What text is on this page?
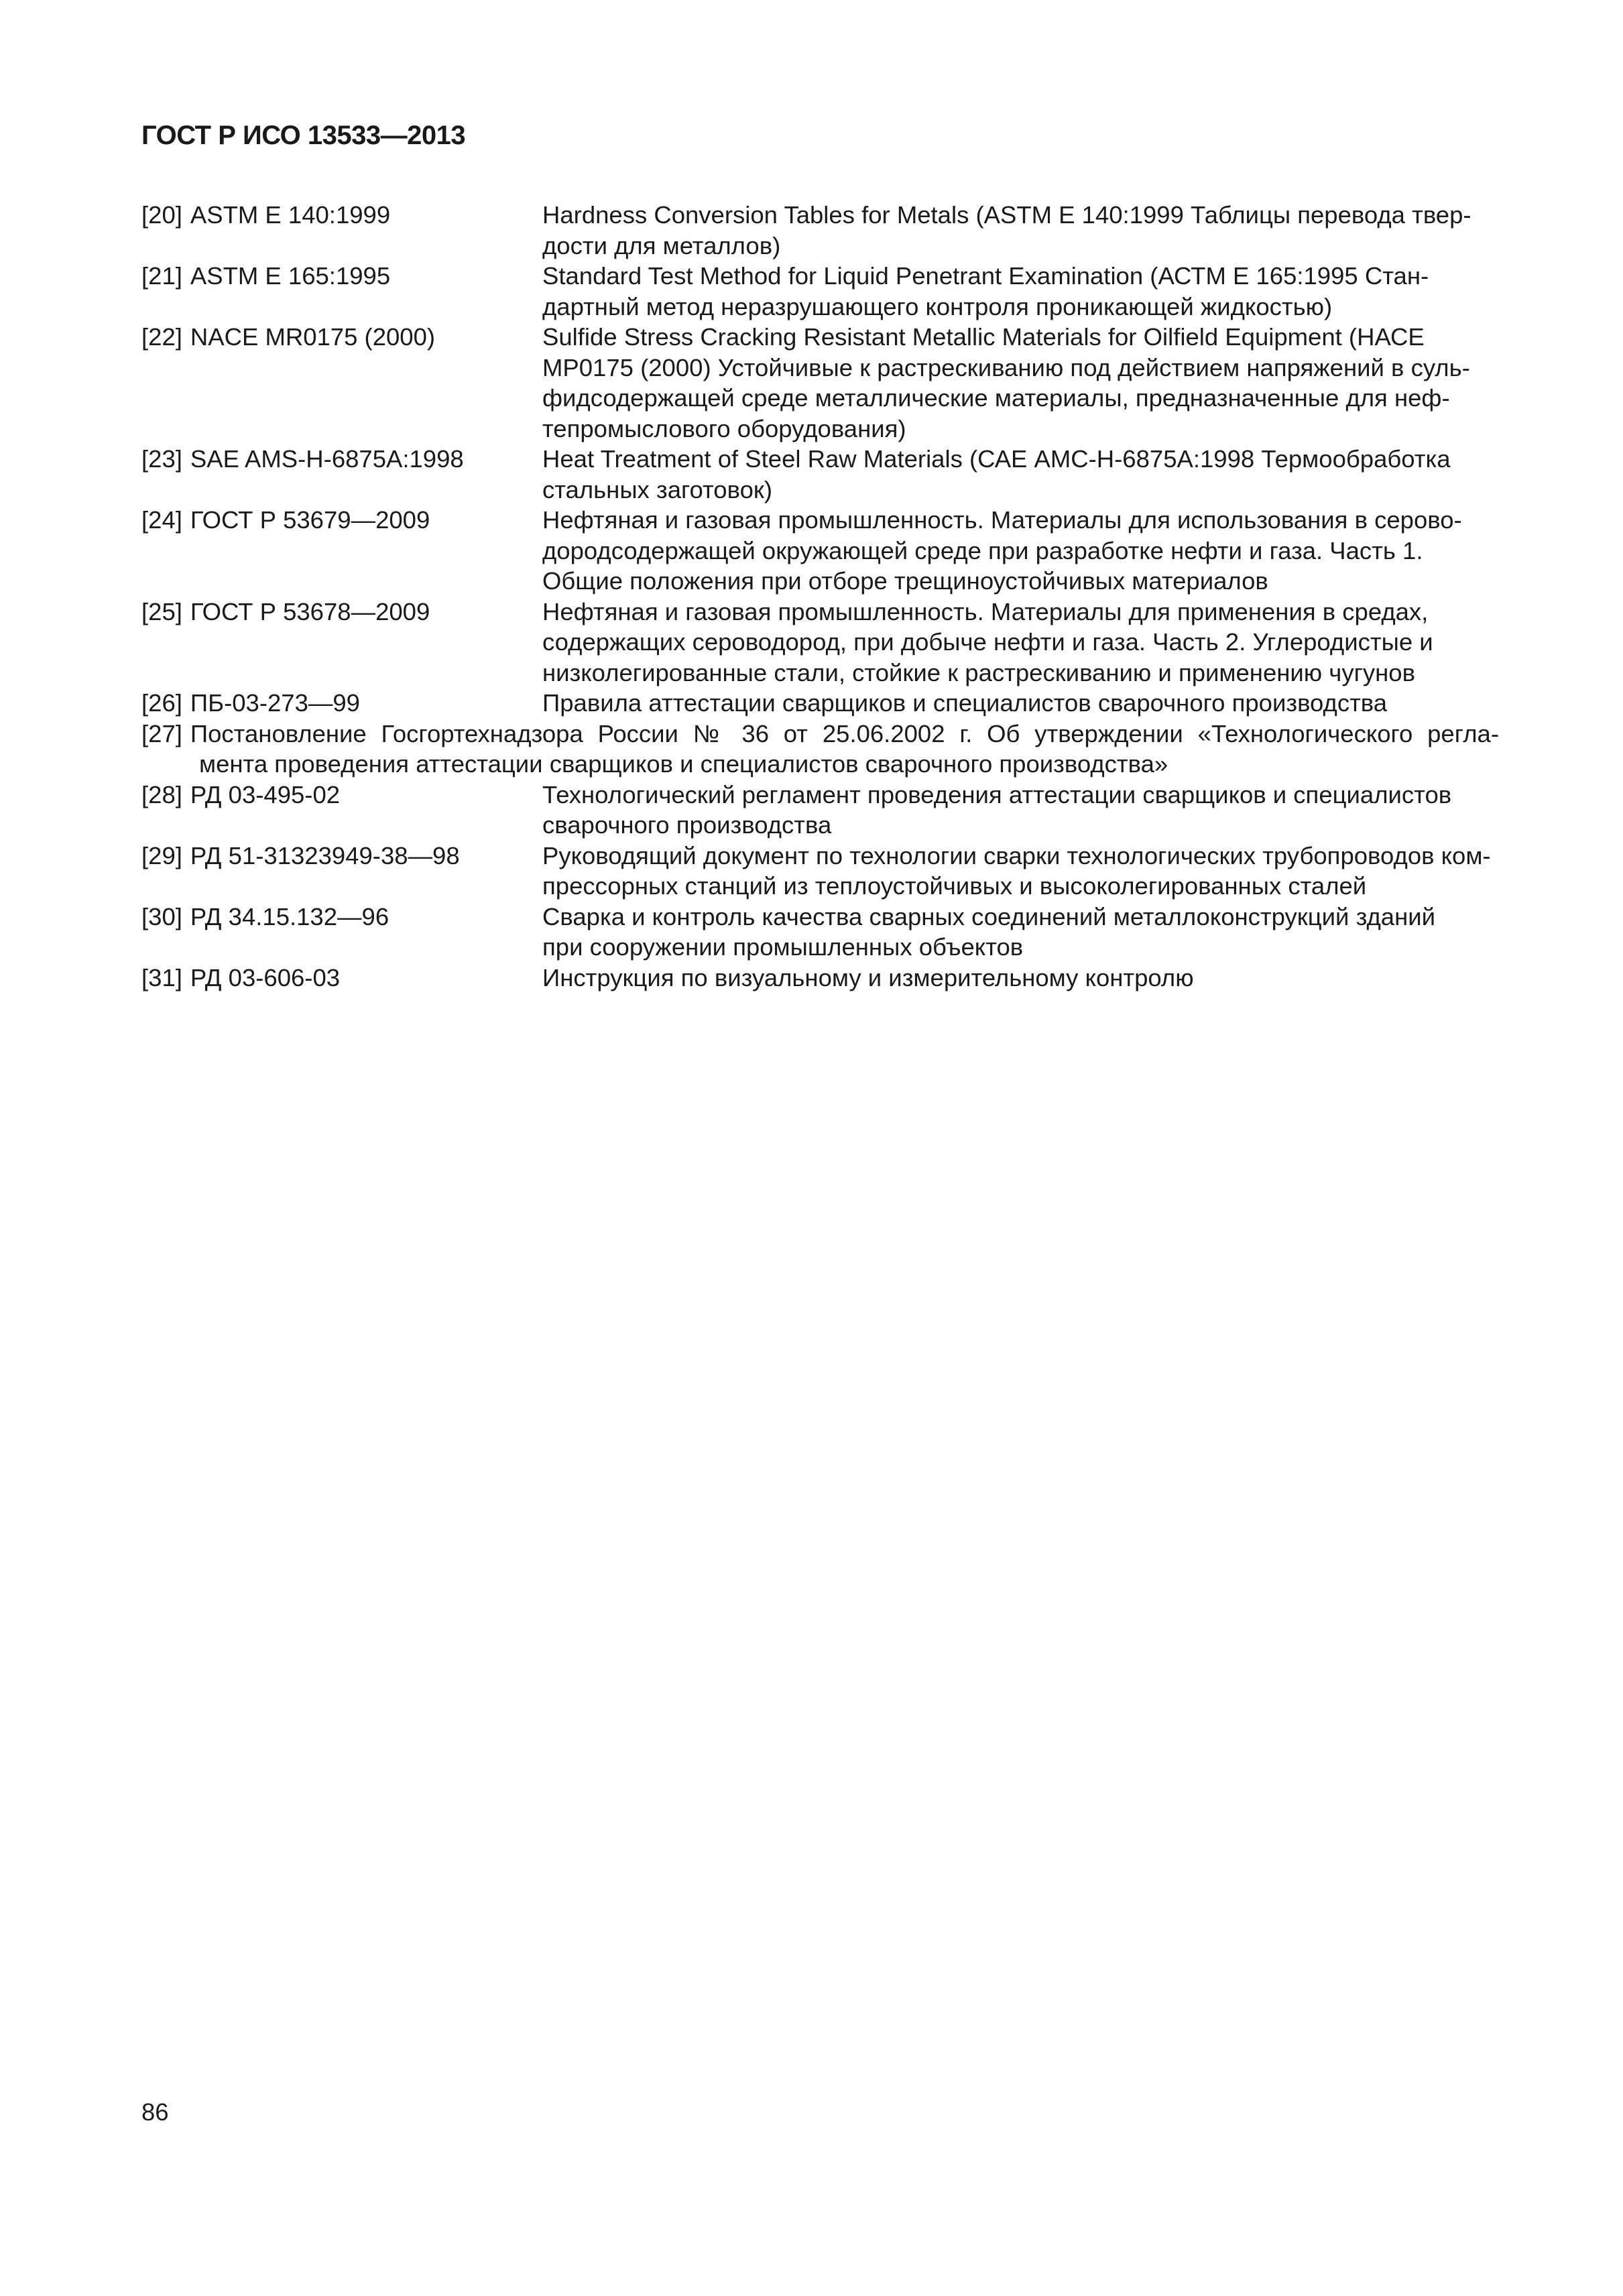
ГОСТ Р ИСО 13533—2013
[20] ASTM E 140:1999	Hardness Conversion Tables for Metals (ASTM E 140:1999 Таблицы перевода твер-
дости для металлов)
[21] ASTM E 165:1995	Standard Test Method for Liquid Penetrant Examination (АСТМ Е 165:1995 Стан-
дартный метод неразрушающего контроля проникающей жидкостью)
[22] NACE MR0175 (2000)	Sulfide Stress Cracking Resistant Metallic Materials for Oilfield Equipment (НАСЕ
МР0175 (2000) Устойчивые к растрескиванию под действием напряжений в суль-
фидсодержащей среде металлические материалы, предназначенные для неф-
тепромыслового оборудования)
[23] SAE AMS-H-6875A:1998	Heat Treatment of Steel Raw Materials (САЕ АМС-Н-6875А:1998 Термообработка
стальных заготовок)
[24] ГОСТ Р 53679—2009	Нефтяная и газовая промышленность. Материалы для использования в серово-
дородсодержащей окружающей среде при разработке нефти и газа. Часть 1.
Общие положения при отборе трещиноустойчивых материалов
[25] ГОСТ Р 53678—2009	Нефтяная и газовая промышленность. Материалы для применения в средах,
содержащих сероводород, при добыче нефти и газа. Часть 2. Углеродистые и
низколегированные стали, стойкие к растрескиванию и применению чугунов
[26] ПБ-03-273—99	Правила аттестации сварщиков и специалистов сварочного производства
[27] Постановление Госгортехнадзора России № 36 от 25.06.2002 г. Об утверждении «Технологического регла-
мента проведения аттестации сварщиков и специалистов сварочного производства»
[28] РД 03-495-02	Технологический регламент проведения аттестации сварщиков и специалистов
сварочного производства
[29] РД 51-31323949-38—98	Руководящий документ по технологии сварки технологических трубопроводов ком-
прессорных станций из теплоустойчивых и высоколегированных сталей
[30] РД 34.15.132—96	Сварка и контроль качества сварных соединений металлоконструкций зданий
при сооружении промышленных объектов
[31] РД 03-606-03	Инструкция по визуальному и измерительному контролю
86
